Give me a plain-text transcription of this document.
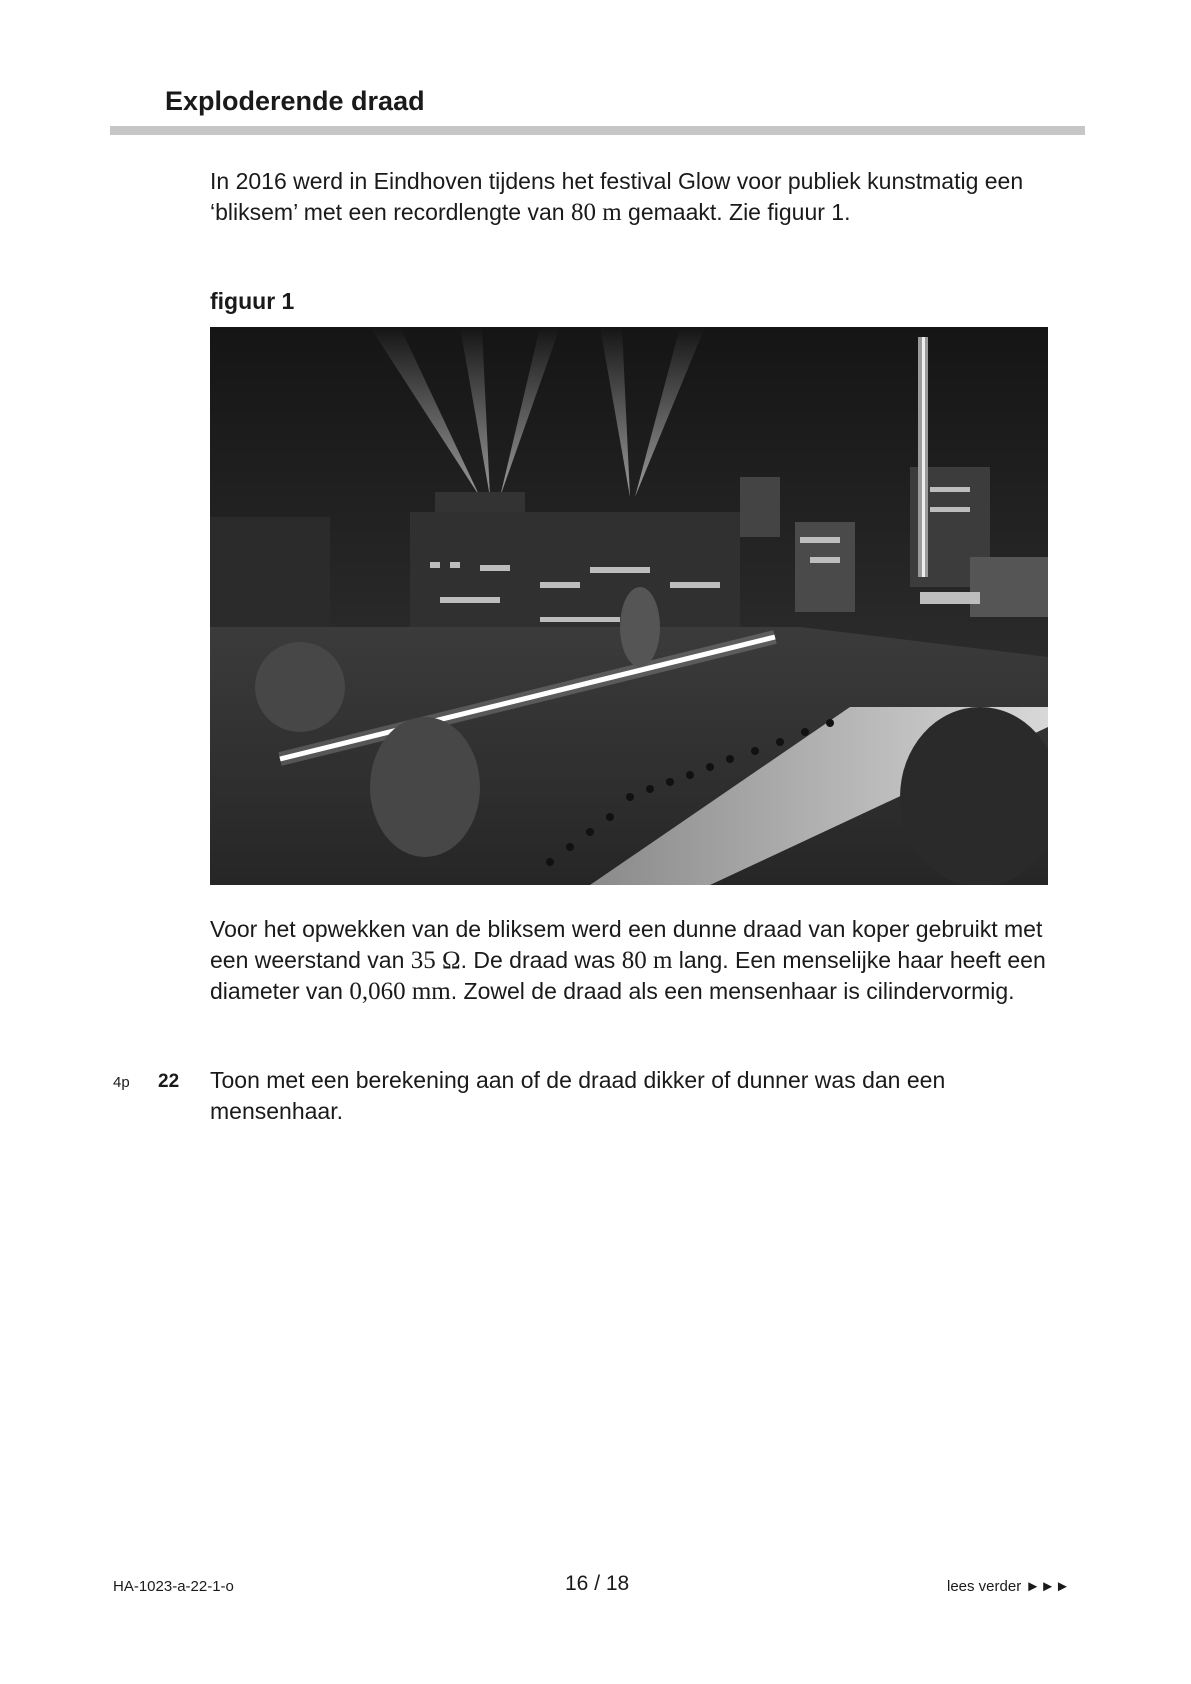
Exploderende draad

In 2016 werd in Eindhoven tijdens het festival Glow voor publiek kunstmatig een ‘bliksem’ met een recordlengte van 80 m gemaakt. Zie figuur 1.

figuur 1

Voor het opwekken van de bliksem werd een dunne draad van koper gebruikt met een weerstand van 35 Ω. De draad was 80 m lang. Een menselijke haar heeft een diameter van 0,060 mm. Zowel de draad als een mensenhaar is cilindervormig.

4p 22 Toon met een berekening aan of de draad dikker of dunner was dan een mensenhaar.

HA-1023-a-22-1-o	16 / 18	lees verder ►►►
